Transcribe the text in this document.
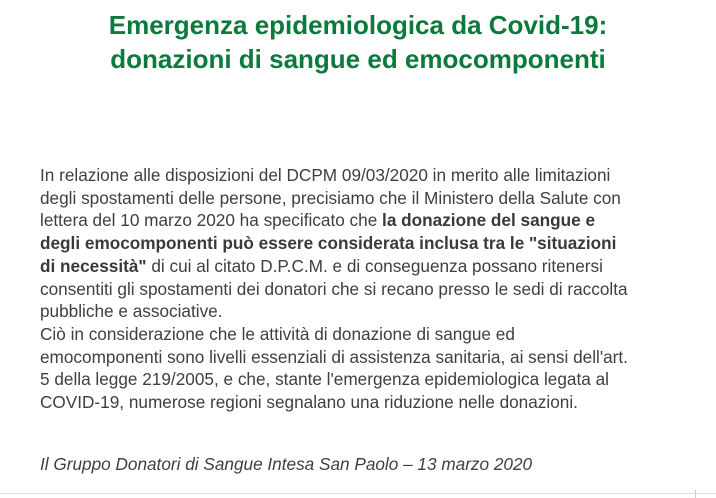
Emergenza epidemiologica da Covid-19:
donazioni di sangue ed emocomponenti
In relazione alle disposizioni del DCPM 09/03/2020 in merito alle limitazioni
degli spostamenti delle persone, precisiamo che il Ministero della Salute con
lettera del 10 marzo 2020 ha specificato che la donazione del sangue e
degli emocomponenti può essere considerata inclusa tra le "situazioni
di necessità" di cui al citato D.P.C.M. e di conseguenza possano ritenersi
consentiti gli spostamenti dei donatori che si recano presso le sedi di raccolta
pubbliche e associative.
Ciò in considerazione che le attività di donazione di sangue ed
emocomponenti sono livelli essenziali di assistenza sanitaria, ai sensi dell'art.
5 della legge 219/2005, e che, stante l'emergenza epidemiologica legata al
COVID-19, numerose regioni segnalano una riduzione nelle donazioni.

Il Gruppo Donatori di Sangue Intesa San Paolo – 13 marzo 2020
